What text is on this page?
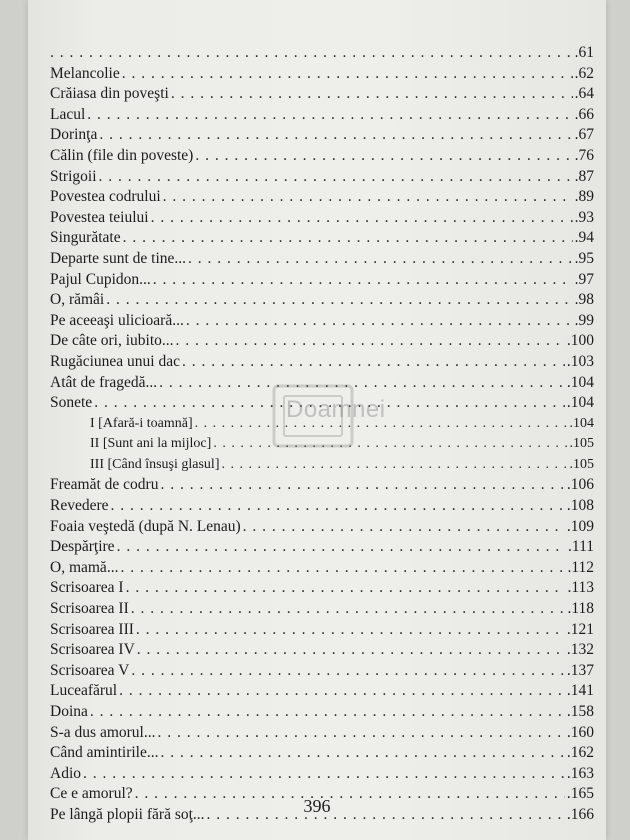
. . .
.61
Melancolie . . .	.62
Crăiasa din poveşti . . .	.64
Lacul . . .	.66
Dorinţa . . .	.67
Călin (file din poveste) . . .	.76
Strigoii . . .	.87
Povestea codrului . . .	.89
Povestea teiului . . .	.93
Singurătate . . .	.94
Departe sunt de tine... . . .	.95
Pajul Cupidon... . . .	.97
O, rămâi . . .	.98
Pe aceeaşi ulicioară... . . .	.99
De câte ori, iubito... . . .	.100
Rugăciunea unui dac . . .	.103
Atât de fragedă... . . .	.104
Sonete . . .	.104
I [Afară-i toamnă] . . .	.104
II [Sunt ani la mijloc] . . .	.105
III [Când însuşi glasul] . . .	.105
Freamăt de codru . . .	.106
Revedere . . .	.108
Foaia veştedă (după N. Lenau) . . .	.109
Despărţire . . .	.111
O, mamă... . . .	.112
Scrisoarea I . . .	.113
Scrisoarea II . . .	.118
Scrisoarea III . . .	.121
Scrisoarea IV . . .	.132
Scrisoarea V . . .	.137
Luceafărul . . .	.141
Doina . . .	.158
S-a dus amorul... . . .	.160
Când amintirile... . . .	.162
Adio . . .	.163
Ce e amorul? . . .	.165
Pe lângă plopii fără soţ... . . .	.166
Doamnei
396
